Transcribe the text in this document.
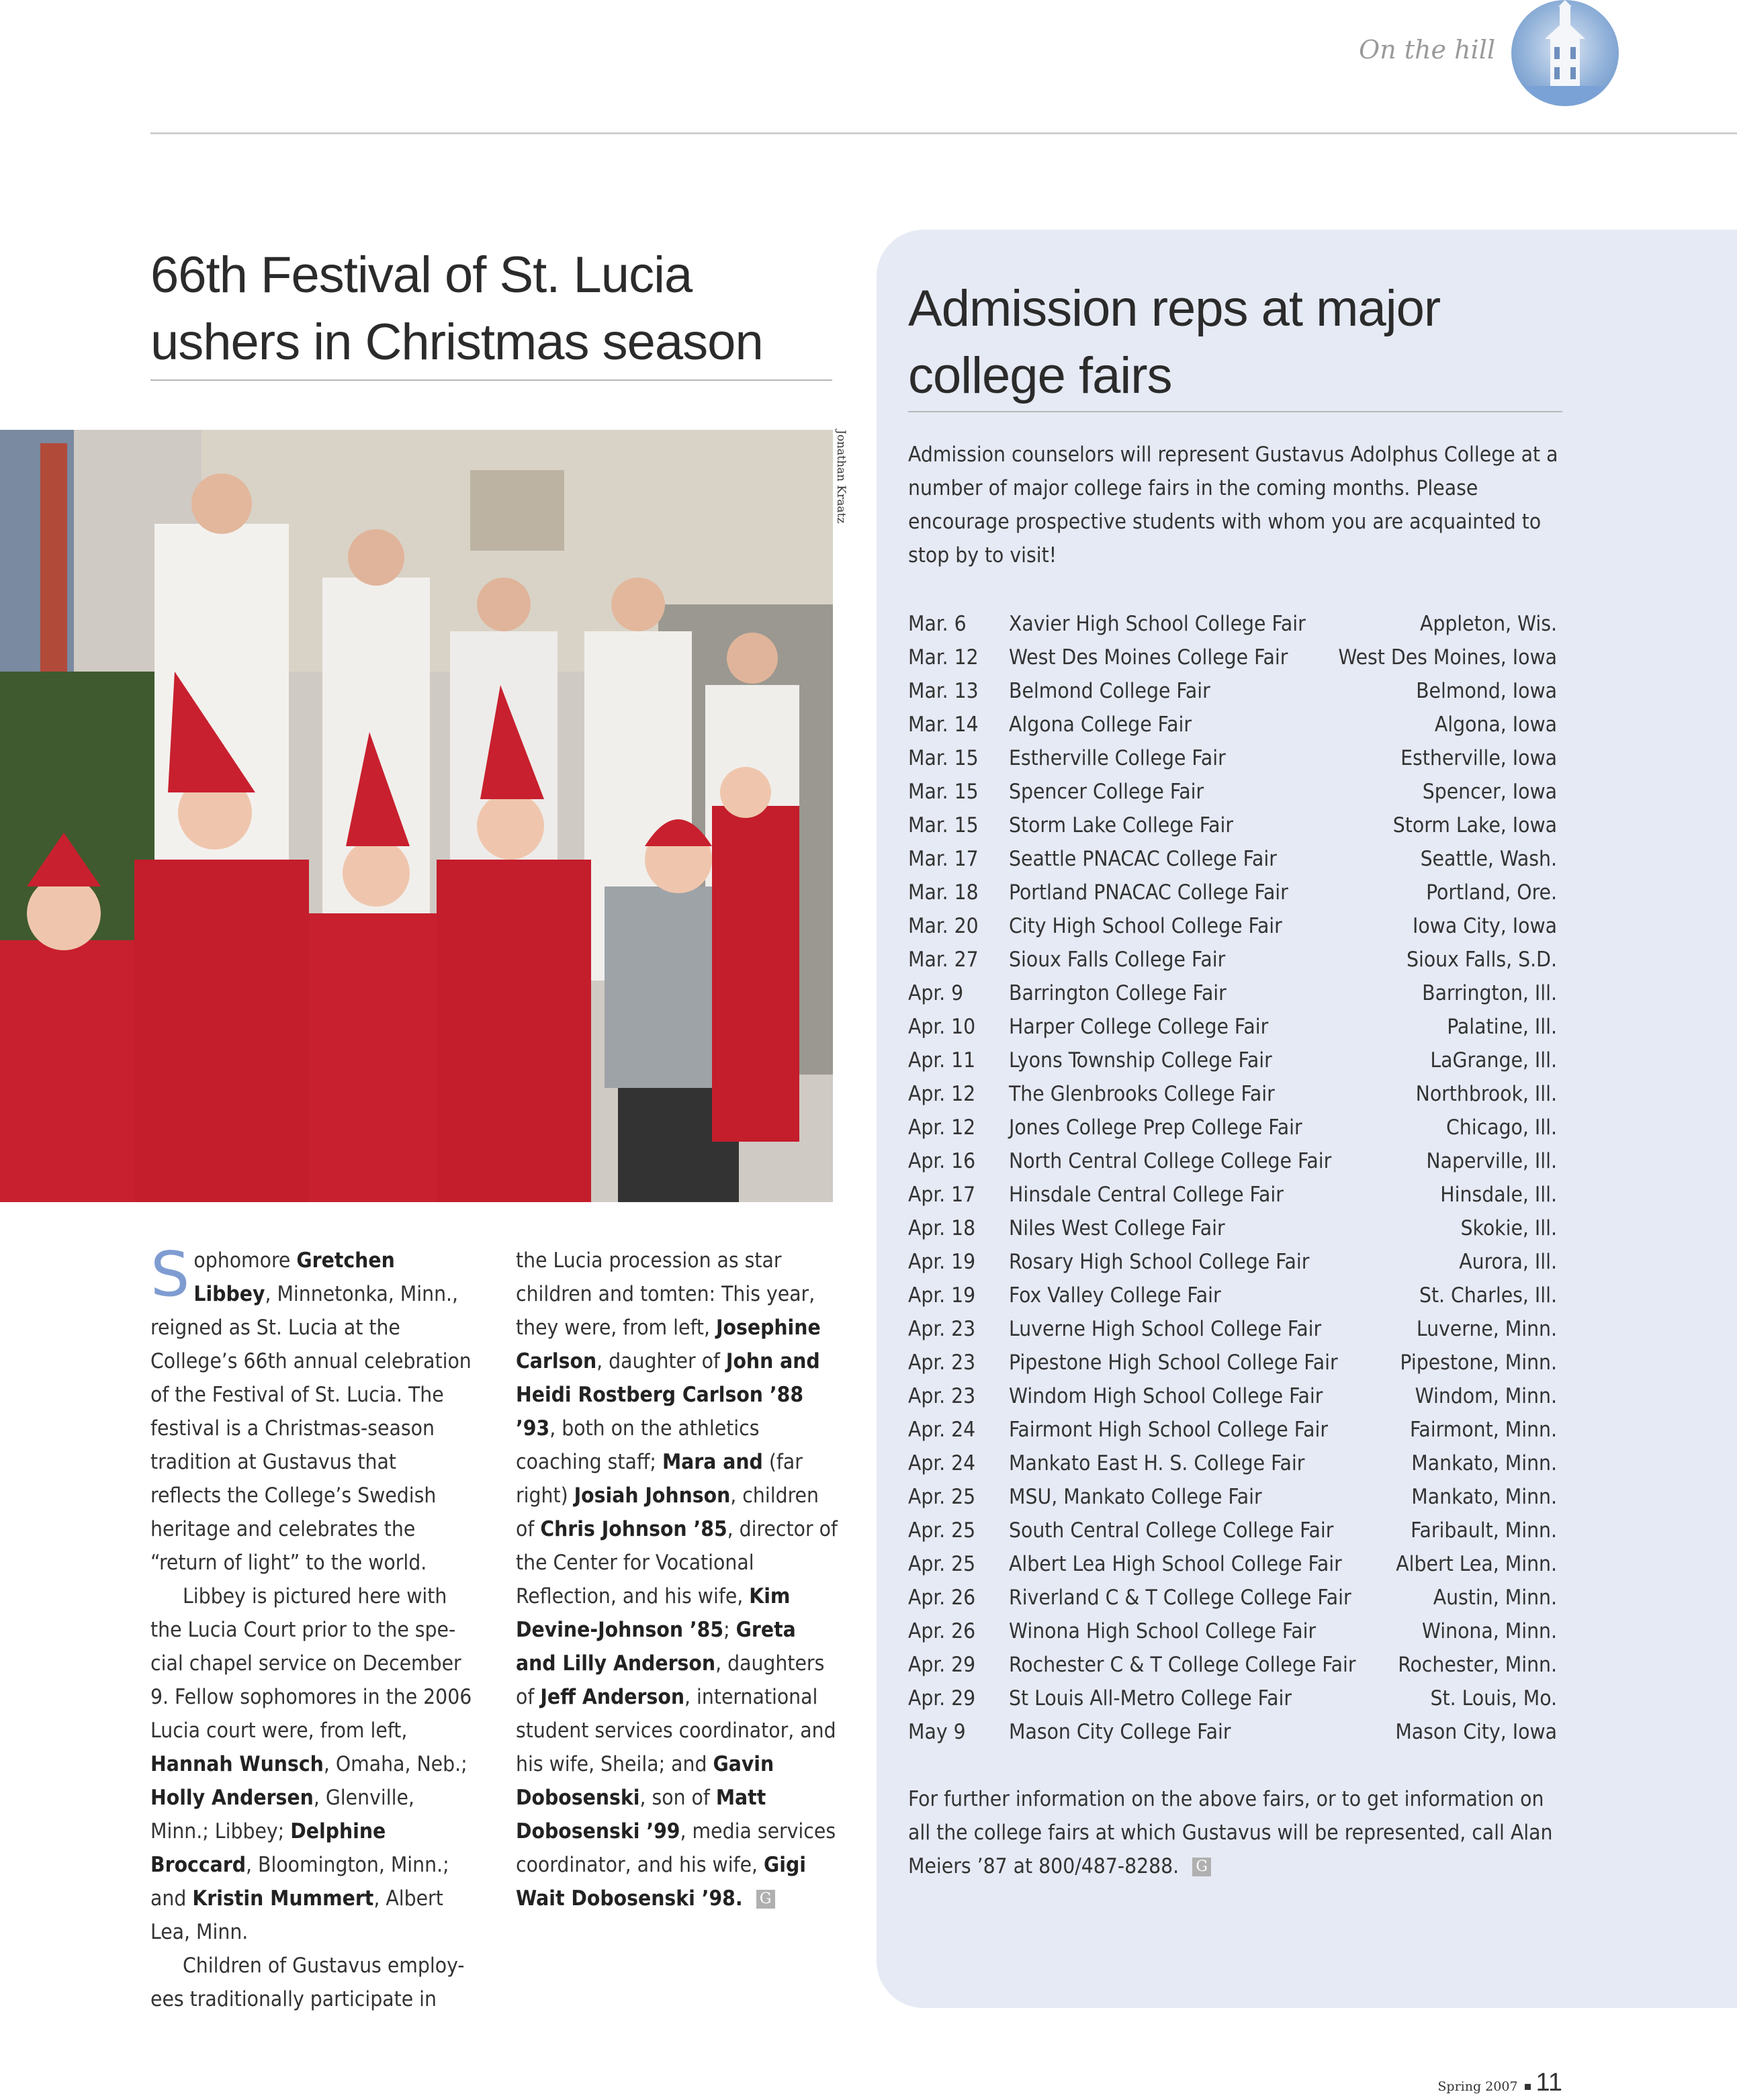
On the hill
66th Festival of St. Lucia
ushers in Christmas season
Jonathan Kraatz

Sophomore Gretchen Libbey, Minnetonka, Minn., reigned as St. Lucia at the College’s 66th annual celebration of the Festival of St. Lucia. The festival is a Christmas-season tradition at Gustavus that reflects the College’s Swedish heritage and celebrates the “return of light” to the world.

Libbey is pictured here with the Lucia Court prior to the spe-cial chapel service on December 9. Fellow sophomores in the 2006 Lucia court were, from left, Hannah Wunsch, Omaha, Neb.; Holly Andersen, Glenville, Minn.; Libbey; Delphine Broccard, Bloomington, Minn.; and Kristin Mummert, Albert Lea, Minn.

Children of Gustavus employ-ees traditionally participate in

the Lucia procession as star children and tomten: This year, they were, from left, Josephine Carlson, daughter of John and Heidi Rostberg Carlson ’88 ’93, both on the athletics coaching staff; Mara and (far right) Josiah Johnson, children of Chris Johnson ’85, director of the Center for Vocational Reflection, and his wife, Kim Devine-Johnson ’85; Greta and Lilly Anderson, daughters of Jeff Anderson, international student services coordinator, and his wife, Sheila; and Gavin Dobosenski, son of Matt Dobosenski ’99, media services coordinator, and his wife, Gigi Wait Dobosenski ’98. G

Admission reps at major
college fairs
Admission counselors will represent Gustavus Adolphus College at a number of major college fairs in the coming months. Please encourage prospective students with whom you are acquainted to stop by to visit!
Mar. 6	Xavier High School College Fair	Appleton, Wis.
Mar. 12	West Des Moines College Fair	West Des Moines, Iowa
Mar. 13	Belmond College Fair	Belmond, Iowa
Mar. 14	Algona College Fair	Algona, Iowa
Mar. 15	Estherville College Fair	Estherville, Iowa
Mar. 15	Spencer College Fair	Spencer, Iowa
Mar. 15	Storm Lake College Fair	Storm Lake, Iowa
Mar. 17	Seattle PNACAC College Fair	Seattle, Wash.
Mar. 18	Portland PNACAC College Fair	Portland, Ore.
Mar. 20	City High School College Fair	Iowa City, Iowa
Mar. 27	Sioux Falls College Fair	Sioux Falls, S.D.
Apr. 9	Barrington College Fair	Barrington, Ill.
Apr. 10	Harper College College Fair	Palatine, Ill.
Apr. 11	Lyons Township College Fair	LaGrange, Ill.
Apr. 12	The Glenbrooks College Fair	Northbrook, Ill.
Apr. 12	Jones College Prep College Fair	Chicago, Ill.
Apr. 16	North Central College College Fair	Naperville, Ill.
Apr. 17	Hinsdale Central College Fair	Hinsdale, Ill.
Apr. 18	Niles West College Fair	Skokie, Ill.
Apr. 19	Rosary High School College Fair	Aurora, Ill.
Apr. 19	Fox Valley College Fair	St. Charles, Ill.
Apr. 23	Luverne High School College Fair	Luverne, Minn.
Apr. 23	Pipestone High School College Fair	Pipestone, Minn.
Apr. 23	Windom High School College Fair	Windom, Minn.
Apr. 24	Fairmont High School College Fair	Fairmont, Minn.
Apr. 24	Mankato East H. S. College Fair	Mankato, Minn.
Apr. 25	MSU, Mankato College Fair	Mankato, Minn.
Apr. 25	South Central College College Fair	Faribault, Minn.
Apr. 25	Albert Lea High School College Fair	Albert Lea, Minn.
Apr. 26	Riverland C & T College College Fair	Austin, Minn.
Apr. 26	Winona High School College Fair	Winona, Minn.
Apr. 29	Rochester C & T College College Fair	Rochester, Minn.
Apr. 29	St Louis All-Metro College Fair	St. Louis, Mo.
May 9	Mason City College Fair	Mason City, Iowa
For further information on the above fairs, or to get information on all the college fairs at which Gustavus will be represented, call Alan Meiers ’87 at 800/487-8288. G
Spring 2007 11
